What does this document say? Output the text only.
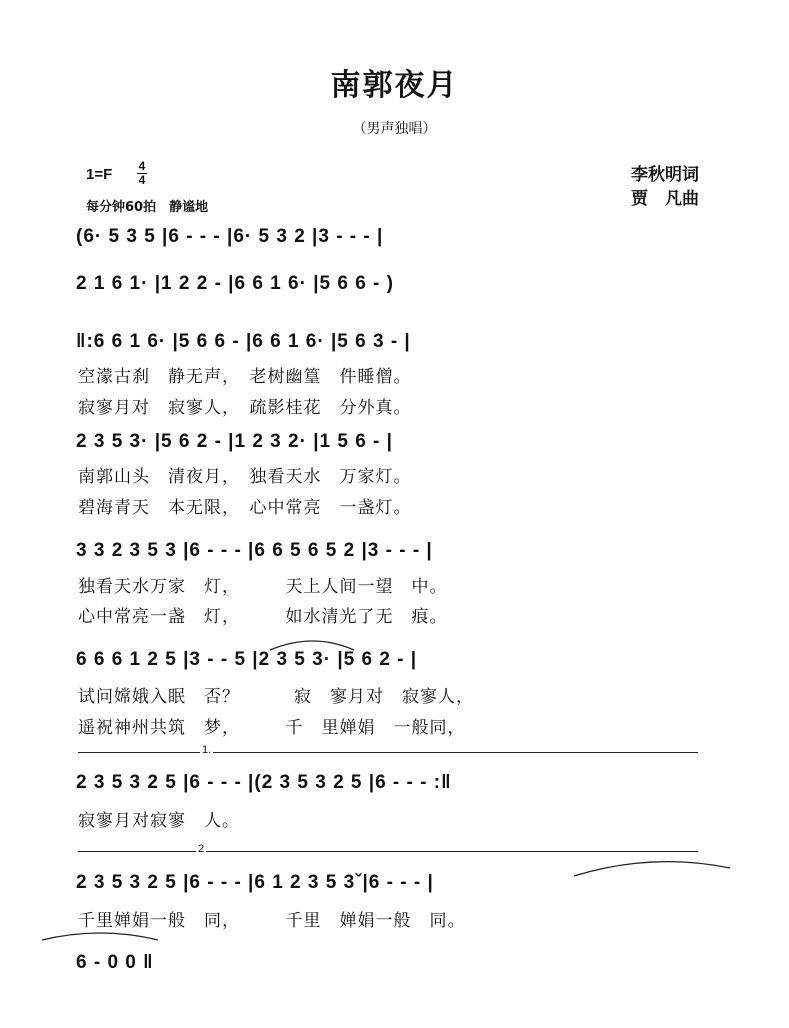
南郭夜月
（男声独唱）
1=F 4
4
每分钟60拍　静谧地
李秋明词
贾　凡曲
(6· 5 3 5 |6 - - - |6· 5 3 2 |3 - - - |
2 1 6 1· |1 2 2 - |6 6 1 6· |5 6 6 - )
‖:6 6 1 6· |5 6 6 - |6 6 1 6· |5 6 3 - |
空濛古刹　静无声，　老树幽篁　件睡僧。
寂寥月对　寂寥人，　疏影桂花　分外真。
2 3 5 3· |5 6 2 - |1 2 3 2· |1 5 6 - |
南郭山头　清夜月，　独看天水　万家灯。
碧海青天　本无限，　心中常亮　一盏灯。
3 3 2 3 5 3 |6 - - - |6 6 5 6 5 2 |3 - - - |
独看天水万家　灯，　　　天上人间一望　中。
心中常亮一盏　灯，　　　如水清光了无　痕。
6 6 6 1 2 5 |3 - - 5 |2 3 5 3· |5 6 2 - |
试问嫦娥入眠　否？　　　寂　寥月对　寂寥人，
遥祝神州共筑　梦，　　　千　里婵娟　一般同，
1.
2 3 5 3 2 5 |6 - - - |(2 3 5 3 2 5 |6 - - - :‖
寂寥月对寂寥　人。
2
2 3 5 3 2 5 |6 - - - |6 1 2 3 5 3ˇ|6 - - - |
千里婵娟一般　同，　　　千里　婵娟一般　同。
6 - 0 0 ‖
